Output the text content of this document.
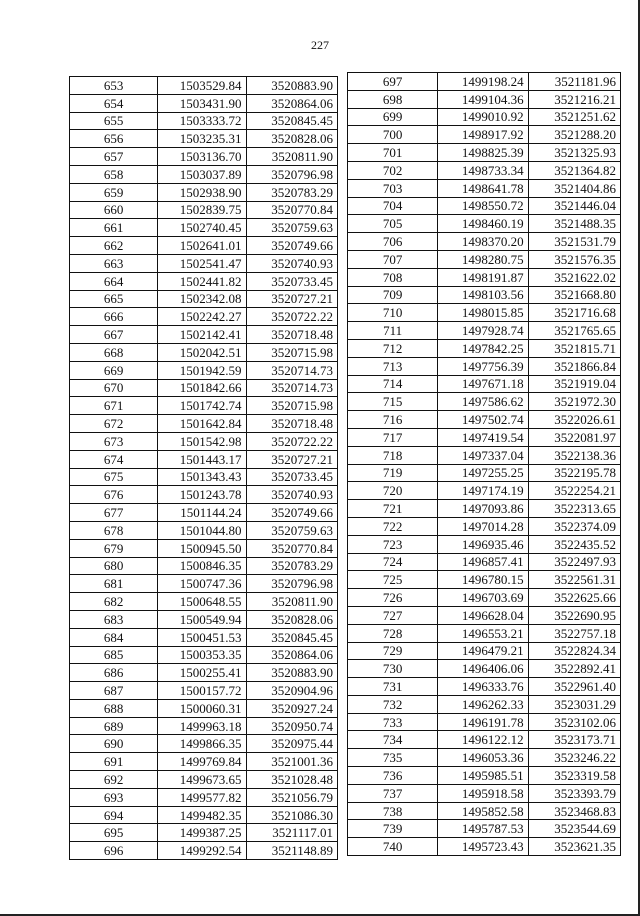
227
653	1503529.84	3520883.90
654	1503431.90	3520864.06
655	1503333.72	3520845.45
656	1503235.31	3520828.06
657	1503136.70	3520811.90
658	1503037.89	3520796.98
659	1502938.90	3520783.29
660	1502839.75	3520770.84
661	1502740.45	3520759.63
662	1502641.01	3520749.66
663	1502541.47	3520740.93
664	1502441.82	3520733.45
665	1502342.08	3520727.21
666	1502242.27	3520722.22
667	1502142.41	3520718.48
668	1502042.51	3520715.98
669	1501942.59	3520714.73
670	1501842.66	3520714.73
671	1501742.74	3520715.98
672	1501642.84	3520718.48
673	1501542.98	3520722.22
674	1501443.17	3520727.21
675	1501343.43	3520733.45
676	1501243.78	3520740.93
677	1501144.24	3520749.66
678	1501044.80	3520759.63
679	1500945.50	3520770.84
680	1500846.35	3520783.29
681	1500747.36	3520796.98
682	1500648.55	3520811.90
683	1500549.94	3520828.06
684	1500451.53	3520845.45
685	1500353.35	3520864.06
686	1500255.41	3520883.90
687	1500157.72	3520904.96
688	1500060.31	3520927.24
689	1499963.18	3520950.74
690	1499866.35	3520975.44
691	1499769.84	3521001.36
692	1499673.65	3521028.48
693	1499577.82	3521056.79
694	1499482.35	3521086.30
695	1499387.25	3521117.01
696	1499292.54	3521148.89
697	1499198.24	3521181.96
698	1499104.36	3521216.21
699	1499010.92	3521251.62
700	1498917.92	3521288.20
701	1498825.39	3521325.93
702	1498733.34	3521364.82
703	1498641.78	3521404.86
704	1498550.72	3521446.04
705	1498460.19	3521488.35
706	1498370.20	3521531.79
707	1498280.75	3521576.35
708	1498191.87	3521622.02
709	1498103.56	3521668.80
710	1498015.85	3521716.68
711	1497928.74	3521765.65
712	1497842.25	3521815.71
713	1497756.39	3521866.84
714	1497671.18	3521919.04
715	1497586.62	3521972.30
716	1497502.74	3522026.61
717	1497419.54	3522081.97
718	1497337.04	3522138.36
719	1497255.25	3522195.78
720	1497174.19	3522254.21
721	1497093.86	3522313.65
722	1497014.28	3522374.09
723	1496935.46	3522435.52
724	1496857.41	3522497.93
725	1496780.15	3522561.31
726	1496703.69	3522625.66
727	1496628.04	3522690.95
728	1496553.21	3522757.18
729	1496479.21	3522824.34
730	1496406.06	3522892.41
731	1496333.76	3522961.40
732	1496262.33	3523031.29
733	1496191.78	3523102.06
734	1496122.12	3523173.71
735	1496053.36	3523246.22
736	1495985.51	3523319.58
737	1495918.58	3523393.79
738	1495852.58	3523468.83
739	1495787.53	3523544.69
740	1495723.43	3523621.35
